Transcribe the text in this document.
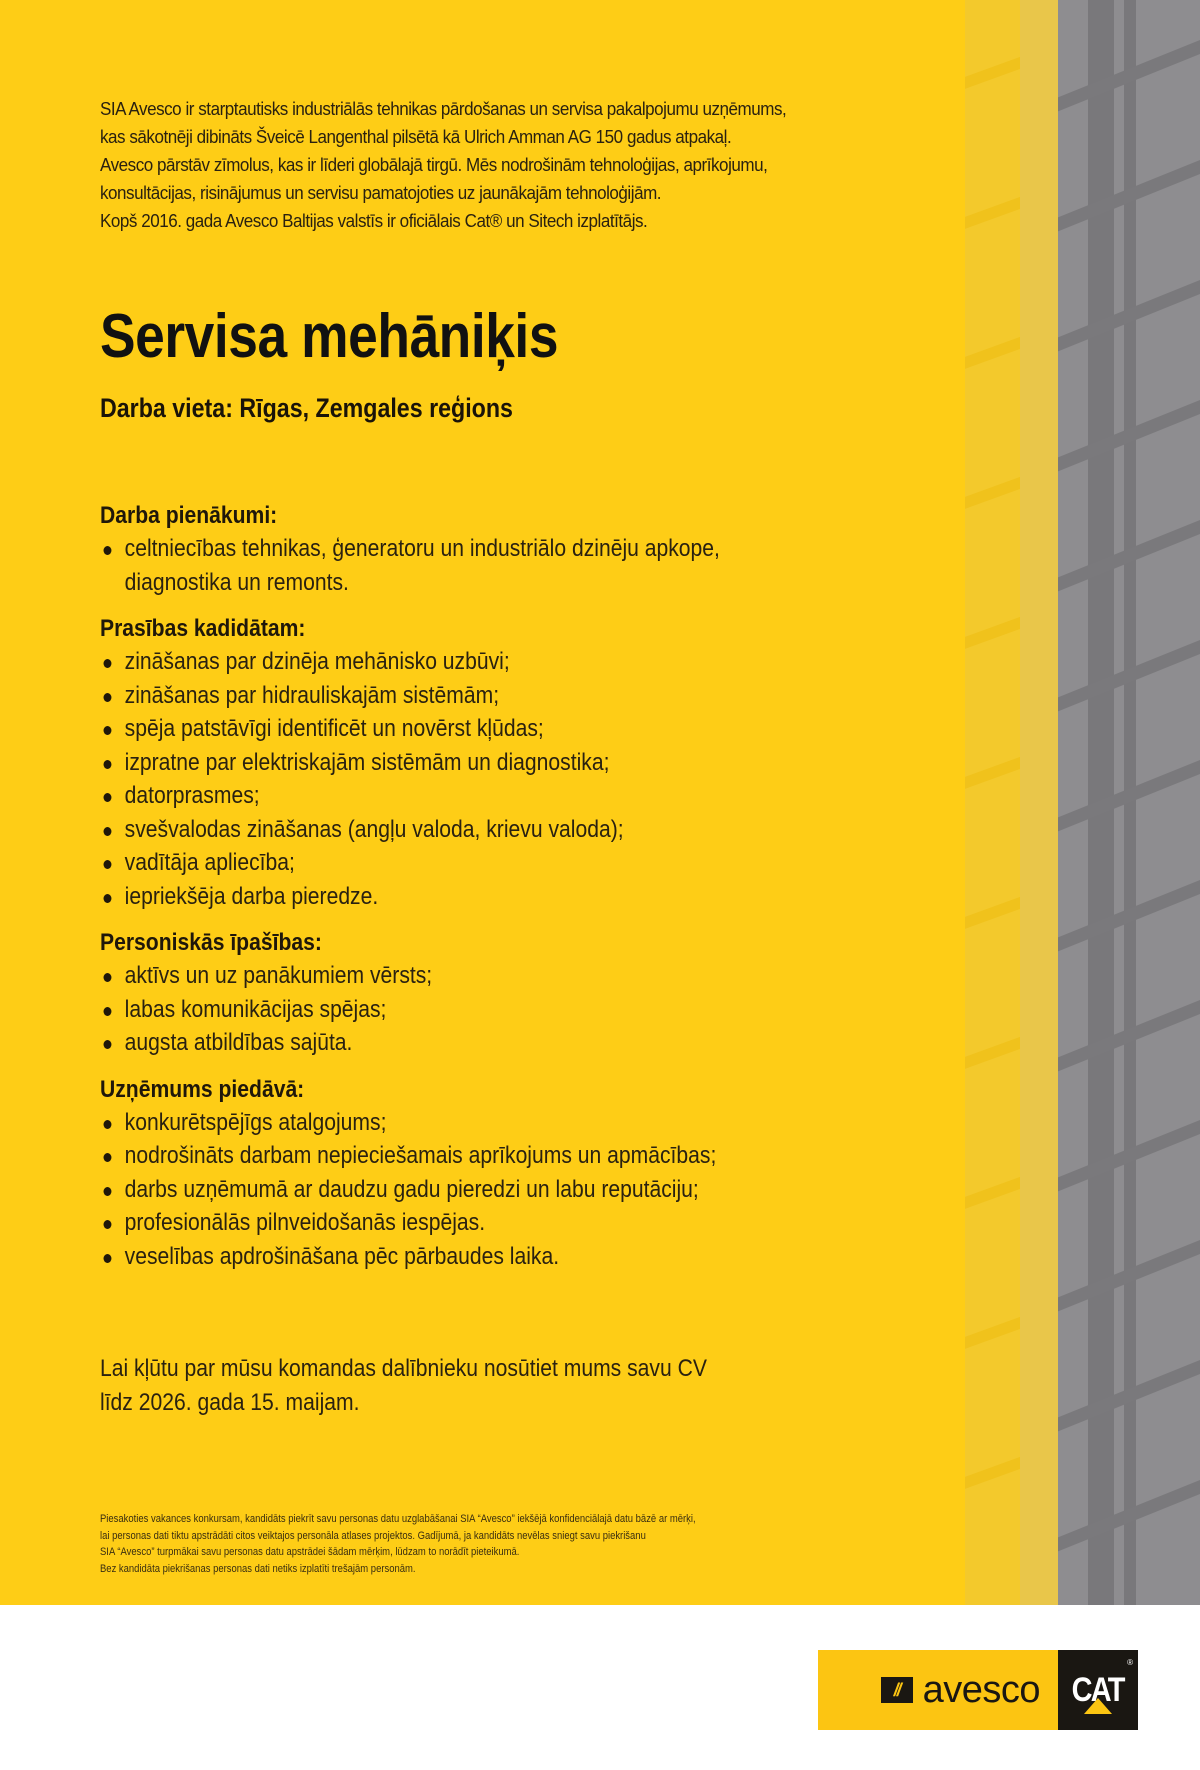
SIA Avesco ir starptautisks industriālās tehnikas pārdošanas un servisa pakalpojumu uzņēmums,
kas sākotnēji dibināts Šveicē Langenthal pilsētā kā Ulrich Amman AG 150 gadus atpakaļ.
Avesco pārstāv zīmolus, kas ir līderi globālajā tirgū. Mēs nodrošinām tehnoloģijas, aprīkojumu,
konsultācijas, risinājumus un servisu pamatojoties uz jaunākajām tehnoloģijām.
Kopš 2016. gada Avesco Baltijas valstīs ir oficiālais Cat® un Sitech izplatītājs.
Servisa mehāniķis
Darba vieta: Rīgas, Zemgales reģions
Darba pienākumi:
celtniecības tehnikas, ģeneratoru un industriālo dzinēju apkope,
diagnostika un remonts.
Prasības kadidātam:
zināšanas par dzinēja mehānisko uzbūvi;
zināšanas par hidrauliskajām sistēmām;
spēja patstāvīgi identificēt un novērst kļūdas;
izpratne par elektriskajām sistēmām un diagnostika;
datorprasmes;
svešvalodas zināšanas (angļu valoda, krievu valoda);
vadītāja apliecība;
iepriekšēja darba pieredze.
Personiskās īpašības:
aktīvs un uz panākumiem vērsts;
labas komunikācijas spējas;
augsta atbildības sajūta.
Uzņēmums piedāvā:
konkurētspējīgs atalgojums;
nodrošināts darbam nepieciešamais aprīkojums un apmācības;
darbs uzņēmumā ar daudzu gadu pieredzi un labu reputāciju;
profesionālās pilnveidošanās iespējas.
veselības apdrošināšana pēc pārbaudes laika.
Lai kļūtu par mūsu komandas dalībnieku nosūtiet mums savu CV
līdz 2026. gada 15. maijam.
Piesakoties vakances konkursam, kandidāts piekrīt savu personas datu uzglabāšanai SIA “Avesco” iekšējā konfidenciālajā datu bāzē ar mērķi,
lai personas dati tiktu apstrādāti citos veiktajos personāla atlases projektos. Gadījumā, ja kandidāts nevēlas sniegt savu piekrišanu
SIA “Avesco” turpmākai savu personas datu apstrādei šādam mērķim, lūdzam to norādīt pieteikumā.
Bez kandidāta piekrišanas personas dati netiks izplatīti trešajām personām.
// avesco CAT
®
